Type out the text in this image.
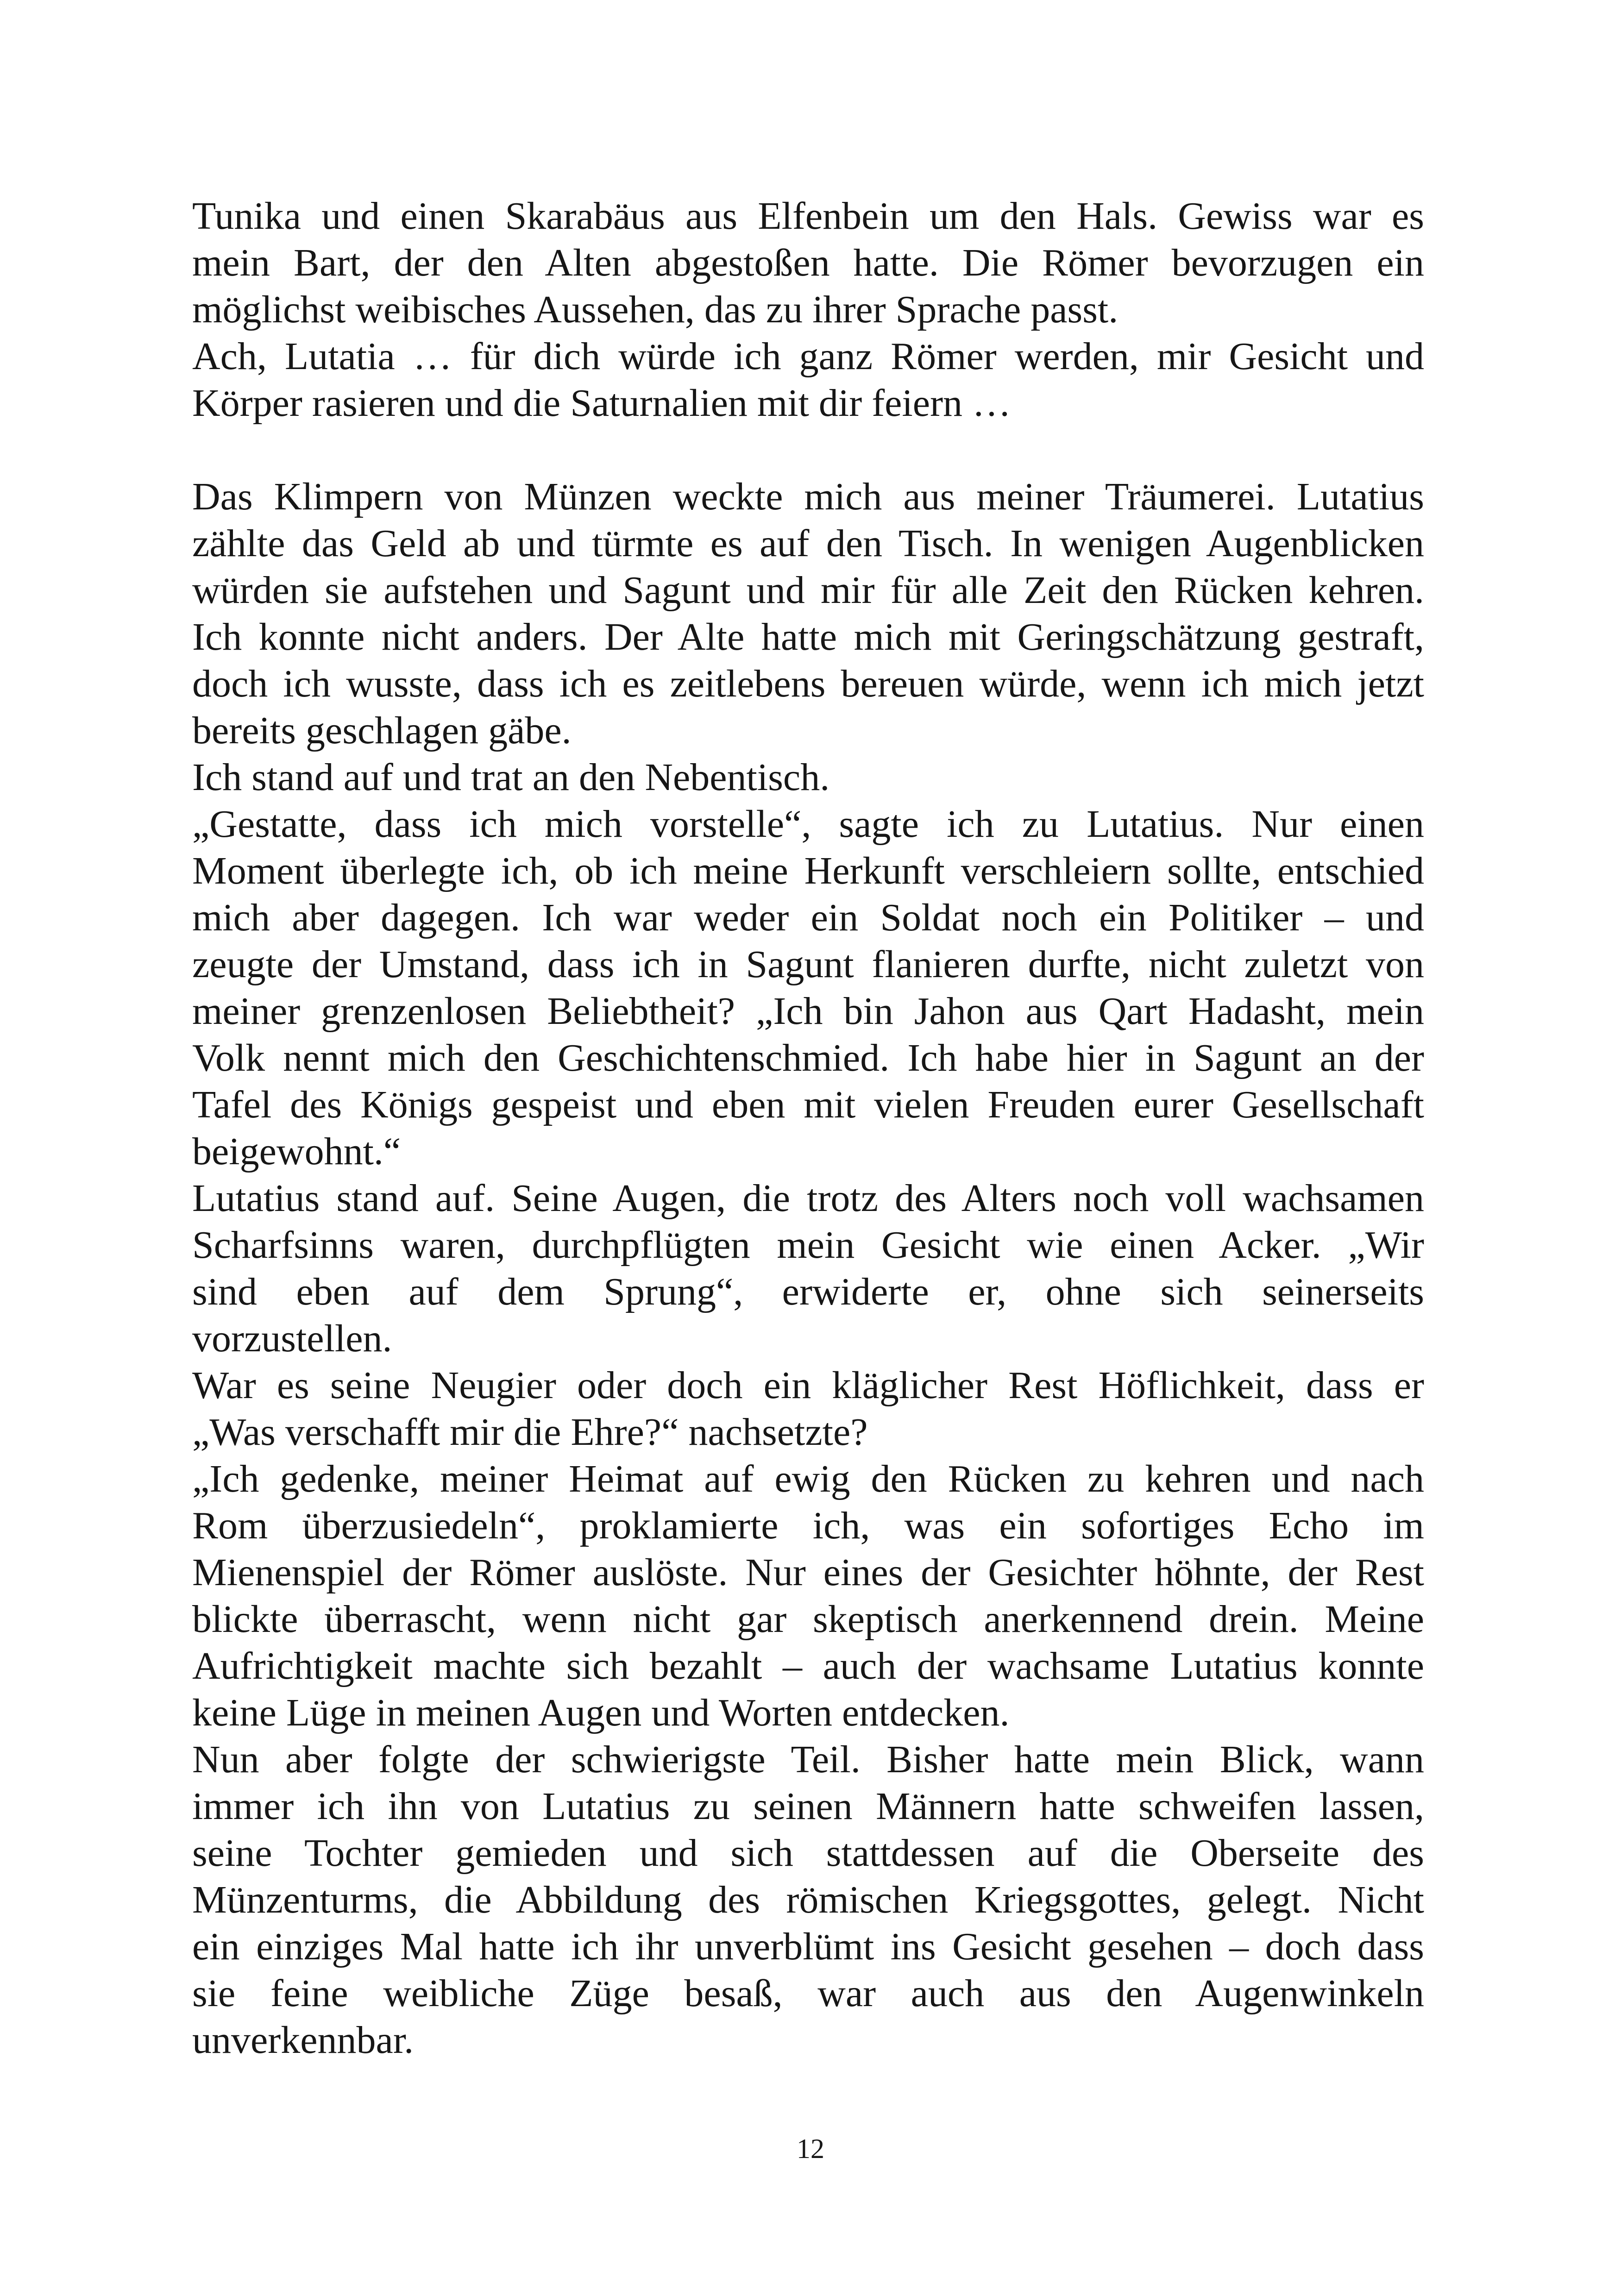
Tunika und einen Skarabäus aus Elfenbein um den Hals. Gewiss war es
mein Bart, der den Alten abgestoßen hatte. Die Römer bevorzugen ein
möglichst weibisches Aussehen, das zu ihrer Sprache passt.
Ach, Lutatia … für dich würde ich ganz Römer werden, mir Gesicht und
Körper rasieren und die Saturnalien mit dir feiern …
Das Klimpern von Münzen weckte mich aus meiner Träumerei. Lutatius
zählte das Geld ab und türmte es auf den Tisch. In wenigen Augenblicken
würden sie aufstehen und Sagunt und mir für alle Zeit den Rücken kehren.
Ich konnte nicht anders. Der Alte hatte mich mit Geringschätzung gestraft,
doch ich wusste, dass ich es zeitlebens bereuen würde, wenn ich mich jetzt
bereits geschlagen gäbe.
Ich stand auf und trat an den Nebentisch.
„Gestatte, dass ich mich vorstelle“, sagte ich zu Lutatius. Nur einen
Moment überlegte ich, ob ich meine Herkunft verschleiern sollte, entschied
mich aber dagegen. Ich war weder ein Soldat noch ein Politiker – und
zeugte der Umstand, dass ich in Sagunt flanieren durfte, nicht zuletzt von
meiner grenzenlosen Beliebtheit? „Ich bin Jahon aus Qart Hadasht, mein
Volk nennt mich den Geschichtenschmied. Ich habe hier in Sagunt an der
Tafel des Königs gespeist und eben mit vielen Freuden eurer Gesellschaft
beigewohnt.“
Lutatius stand auf. Seine Augen, die trotz des Alters noch voll wachsamen
Scharfsinns waren, durchpflügten mein Gesicht wie einen Acker. „Wir
sind eben auf dem Sprung“, erwiderte er, ohne sich seinerseits
vorzustellen.
War es seine Neugier oder doch ein kläglicher Rest Höflichkeit, dass er
„Was verschafft mir die Ehre?“ nachsetzte?
„Ich gedenke, meiner Heimat auf ewig den Rücken zu kehren und nach
Rom überzusiedeln“, proklamierte ich, was ein sofortiges Echo im
Mienenspiel der Römer auslöste. Nur eines der Gesichter höhnte, der Rest
blickte überrascht, wenn nicht gar skeptisch anerkennend drein. Meine
Aufrichtigkeit machte sich bezahlt – auch der wachsame Lutatius konnte
keine Lüge in meinen Augen und Worten entdecken.
Nun aber folgte der schwierigste Teil. Bisher hatte mein Blick, wann
immer ich ihn von Lutatius zu seinen Männern hatte schweifen lassen,
seine Tochter gemieden und sich stattdessen auf die Oberseite des
Münzenturms, die Abbildung des römischen Kriegsgottes, gelegt. Nicht
ein einziges Mal hatte ich ihr unverblümt ins Gesicht gesehen – doch dass
sie feine weibliche Züge besaß, war auch aus den Augenwinkeln
unverkennbar.
12
